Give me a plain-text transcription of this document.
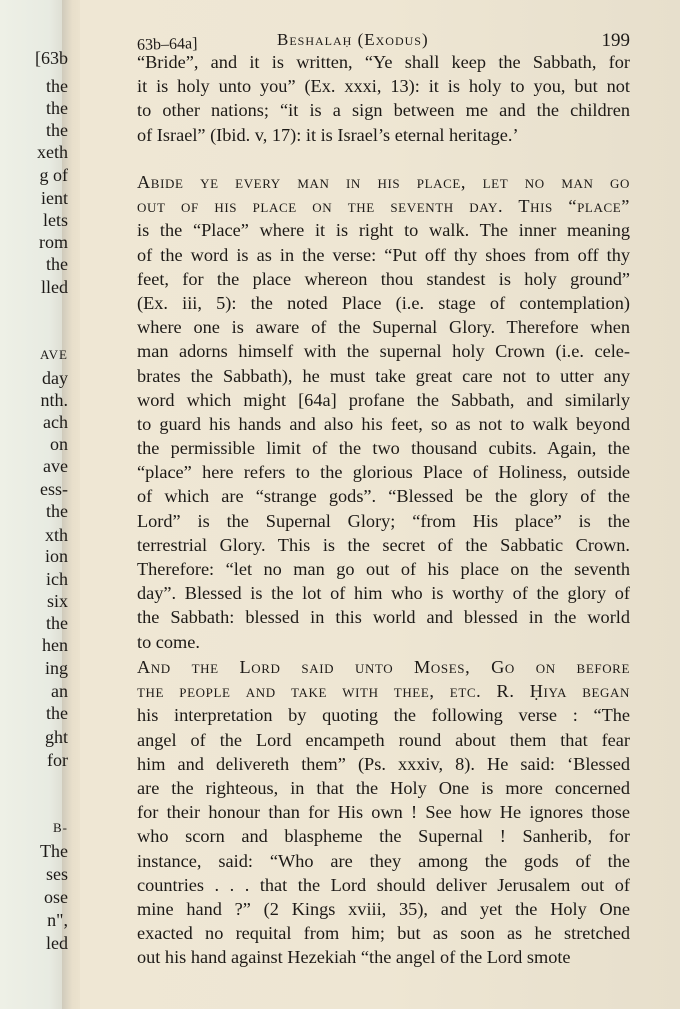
63b–64a]	Beshalaḥ (Exodus)	199
“Bride”, and it is written, “Ye shall keep the Sabbath, for
it is holy unto you” (Ex. xxxi, 13): it is holy to you, but not
to other nations; “it is a sign between me and the children
of Israel” (Ibid. v, 17): it is Israel’s eternal heritage.’
Abide ye every man in his place, let no man go
out of his place on the seventh day. This “place”
is the “Place” where it is right to walk. The inner meaning
of the word is as in the verse: “Put off thy shoes from off thy
feet, for the place whereon thou standest is holy ground”
(Ex. iii, 5): the noted Place (i.e. stage of contemplation)
where one is aware of the Supernal Glory. Therefore when
man adorns himself with the supernal holy Crown (i.e. cele-
brates the Sabbath), he must take great care not to utter any
word which might [64a] profane the Sabbath, and similarly
to guard his hands and also his feet, so as not to walk beyond
the permissible limit of the two thousand cubits. Again, the
“place” here refers to the glorious Place of Holiness, outside
of which are “strange gods”. “Blessed be the glory of the
Lord” is the Supernal Glory; “from His place” is the
terrestrial Glory. This is the secret of the Sabbatic Crown.
Therefore: “let no man go out of his place on the seventh
day”. Blessed is the lot of him who is worthy of the glory of
the Sabbath: blessed in this world and blessed in the world
to come.
And the Lord said unto Moses, Go on before
the people and take with thee, etc. R. Ḥiya began
his interpretation by quoting the following verse : “The
angel of the Lord encampeth round about them that fear
him and delivereth them” (Ps. xxxiv, 8). He said: ‘Blessed
are the righteous, in that the Holy One is more concerned
for their honour than for His own ! See how He ignores those
who scorn and blaspheme the Supernal ! Sanherib, for
instance, said: “Who are they among the gods of the
countries . . . that the Lord should deliver Jerusalem out of
mine hand ?” (2 Kings xviii, 35), and yet the Holy One
exacted no requital from him; but as soon as he stretched
out his hand against Hezekiah “the angel of the Lord smote
[63b
the
the
the
xeth
g of
ient
lets
rom
the
lled
AVE
day
nth.
ach
on
ave
ess-
the
xth
ion
ich
six
the
hen
ing
an
the
ght
for
B-
The
ses
ose
n",
led
